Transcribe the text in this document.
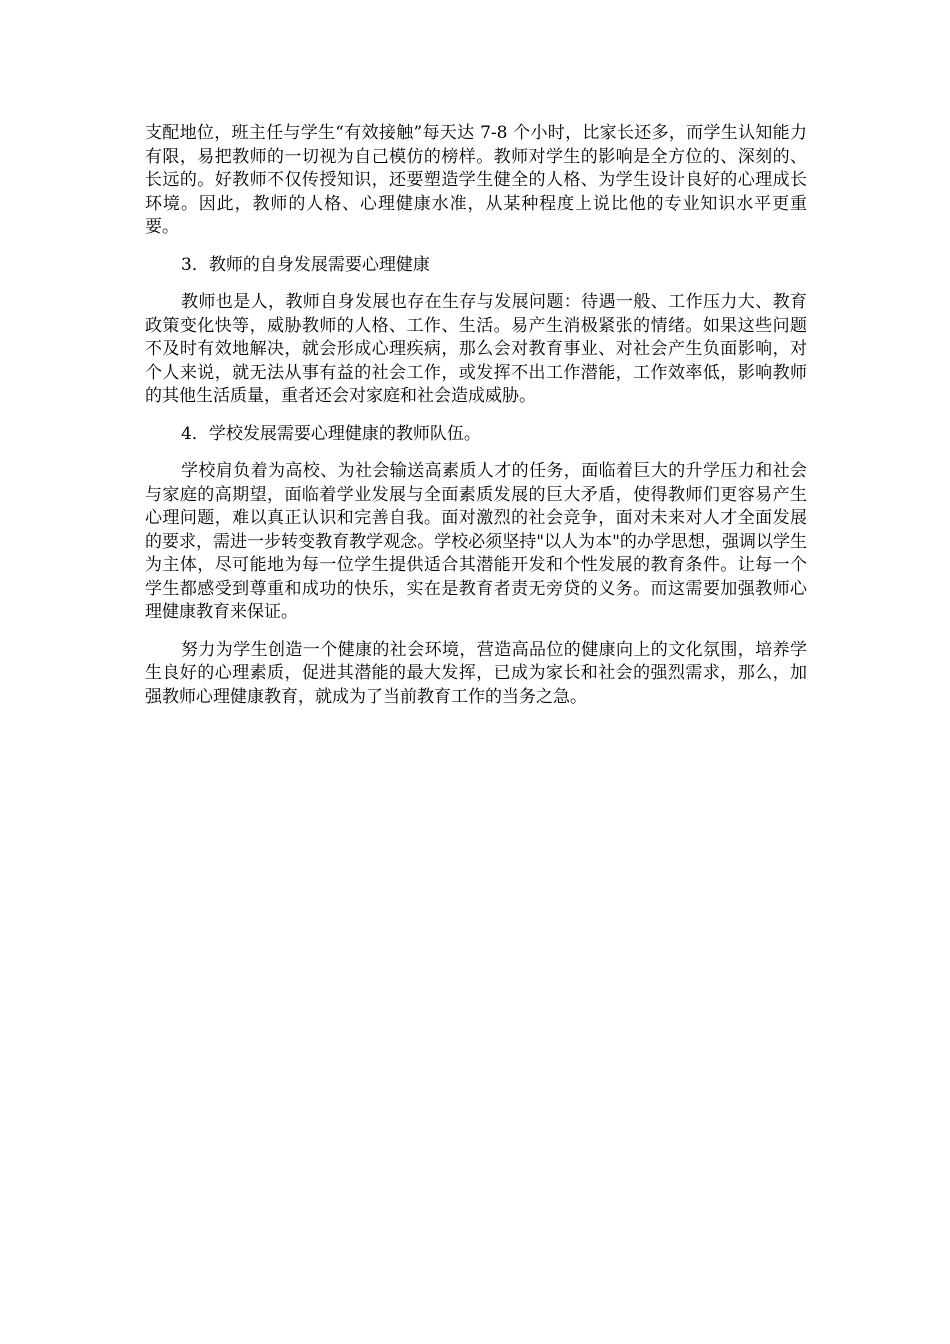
支配地位，班主任与学生“有效接触”每天达 7-8 个小时，比家长还多，而学生认知能力有限，易把教师的一切视为自己模仿的榜样。教师对学生的影响是全方位的、深刻的、长远的。好教师不仅传授知识，还要塑造学生健全的人格、为学生设计良好的心理成长环境。因此，教师的人格、心理健康水准，从某种程度上说比他的专业知识水平更重要。

3．教师的自身发展需要心理健康

教师也是人，教师自身发展也存在生存与发展问题：待遇一般、工作压力大、教育政策变化快等，威胁教师的人格、工作、生活。易产生消极紧张的情绪。如果这些问题不及时有效地解决，就会形成心理疾病，那么会对教育事业、对社会产生负面影响，对个人来说，就无法从事有益的社会工作，或发挥不出工作潜能，工作效率低，影响教师的其他生活质量，重者还会对家庭和社会造成威胁。

4．学校发展需要心理健康的教师队伍。

学校肩负着为高校、为社会输送高素质人才的任务，面临着巨大的升学压力和社会与家庭的高期望，面临着学业发展与全面素质发展的巨大矛盾，使得教师们更容易产生心理问题，难以真正认识和完善自我。面对激烈的社会竞争，面对未来对人才全面发展的要求，需进一步转变教育教学观念。学校必须坚持"以人为本"的办学思想，强调以学生为主体，尽可能地为每一位学生提供适合其潜能开发和个性发展的教育条件。让每一个学生都感受到尊重和成功的快乐，实在是教育者责无旁贷的义务。而这需要加强教师心理健康教育来保证。

努力为学生创造一个健康的社会环境，营造高品位的健康向上的文化氛围，培养学生良好的心理素质，促进其潜能的最大发挥，已成为家长和社会的强烈需求，那么，加强教师心理健康教育，就成为了当前教育工作的当务之急。
